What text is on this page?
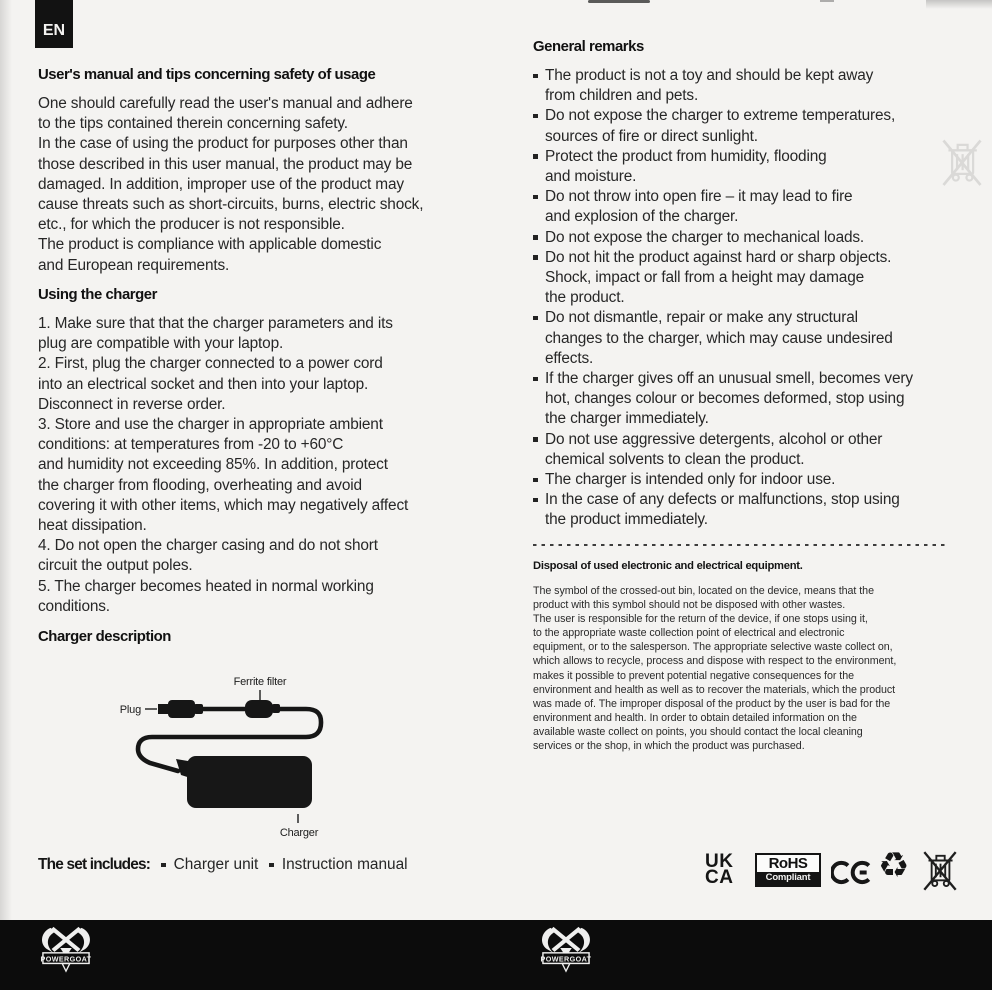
EN
User's manual and tips concerning safety of usage
One should carefully read the user's manual and adhere
to the tips contained therein concerning safety.
In the case of using the product for purposes other than
those described in this user manual, the product may be
damaged. In addition, improper use of the product may
cause threats such as short-circuits, burns, electric shock,
etc., for which the producer is not responsible.
The product is compliance with applicable domestic
and European requirements.
Using the charger
1. Make sure that that the charger parameters and its
plug are compatible with your laptop.
2. First, plug the charger connected to a power cord
into an electrical socket and then into your laptop.
Disconnect in reverse order.
3. Store and use the charger in appropriate ambient
conditions: at temperatures from -20 to +60°C
and humidity not exceeding 85%. In addition, protect
the charger from flooding, overheating and avoid
covering it with other items, which may negatively affect
heat dissipation.
4. Do not open the charger casing and do not short
circuit the output poles.
5. The charger becomes heated in normal working
conditions.
Charger description
Ferrite filter
Plug
Charger
The set includes: Charger unit Instruction manual
General remarks
The product is not a toy and should be kept away
from children and pets.
Do not expose the charger to extreme temperatures,
sources of fire or direct sunlight.
Protect the product from humidity, flooding
and moisture.
Do not throw into open fire – it may lead to fire
and explosion of the charger.
Do not expose the charger to mechanical loads.
Do not hit the product against hard or sharp objects.
Shock, impact or fall from a height may damage
the product.
Do not dismantle, repair or make any structural
changes to the charger, which may cause undesired
effects.
If the charger gives off an unusual smell, becomes very
hot, changes colour or becomes deformed, stop using
the charger immediately.
Do not use aggressive detergents, alcohol or other
chemical solvents to clean the product.
The charger is intended only for indoor use.
In the case of any defects or malfunctions, stop using
the product immediately.
Disposal of used electronic and electrical equipment.
The symbol of the crossed-out bin, located on the device, means that the
product with this symbol should not be disposed with other wastes.
The user is responsible for the return of the device, if one stops using it,
to the appropriate waste collection point of electrical and electronic
equipment, or to the salesperson. The appropriate selective waste collect on,
which allows to recycle, process and dispose with respect to the environment,
makes it possible to prevent potential negative consequences for the
environment and health as well as to recover the materials, which the product
was made of. The improper disposal of the product by the user is bad for the
environment and health. In order to obtain detailed information on the
available waste collect on points, you should contact the local cleaning
services or the shop, in which the product was purchased.
UK
CA
RoHS
Compliant ♻
POWERGOAT	POWERGOAT
